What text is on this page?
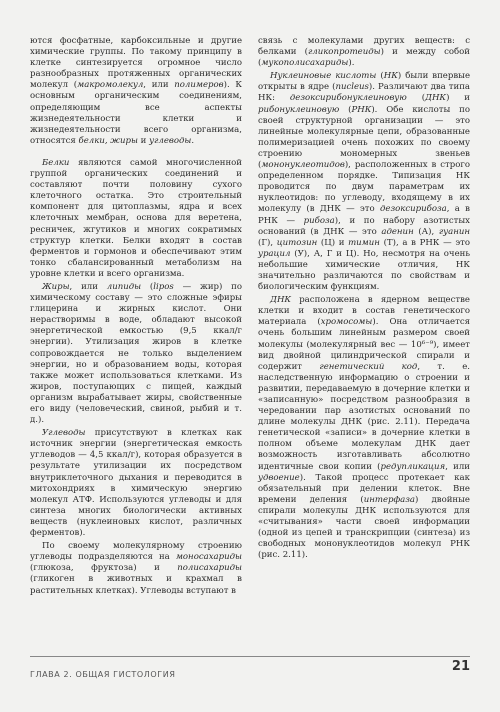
ются фосфатные, карбоксильные и другие химические группы. По такому принципу в клетке синтезируется огромное число разнообразных протяженных органических молекул (макромолекул, или полимеров). К основным органическим соединениям, определяющим все аспекты жизнедеятельности клетки и жизнедеятельности всего организма, относятся белки, жиры и углеводы.

Белки являются самой многочисленной группой органических соединений и составляют почти половину сухого клеточного остатка. Это строительный компонент для цитоплазмы, ядра и всех клеточных мембран, основа для веретена, ресничек, жгутиков и многих сократимых структур клетки. Белки входят в состав ферментов и гормонов и обеспечивают этим тонко сбалансированный метаболизм на уровне клетки и всего организма.

Жиры, или липиды (lipos — жир) по химическому составу — это сложные эфиры глицерина и жирных кислот. Они нерастворимы в воде, обладают высокой энергетической емкостью (9,5 ккал/г энергии). Утилизация жиров в клетке сопровождается не только выделением энергии, но и образованием воды, которая также может использоваться клетками. Из жиров, поступающих с пищей, каждый организм вырабатывает жиры, свойственные его виду (человеческий, свиной, рыбий и т. д.).

Углеводы присутствуют в клетках как источник энергии (энергетическая емкость углеводов — 4,5 ккал/г), которая образуется в результате утилизации их посредством внутриклеточного дыхания и переводится в митохондриях в химическую энергию молекул АТФ. Используются углеводы и для синтеза многих биологически активных веществ (нуклеиновых кислот, различных ферментов).

По своему молекулярному строению углеводы подразделяются на моносахариды (глюкоза, фруктоза) и полисахариды (гликоген в животных и крахмал в растительных клетках). Углеводы вступают в

связь с молекулами других веществ: с белками (гликопротеиды) и между собой (мукополисахариды).

Нуклеиновые кислоты (НК) были впервые открыты в ядре (nucleus). Различают два типа НК: дезоксирибонуклеиновую (ДНК) и рибонуклеиновую (РНК). Обе кислоты по своей структурной организации — это линейные молекулярные цепи, образованные полимеризацией очень похожих по своему строению мономерных звеньев (мононуклеотидов), расположенных в строго определенном порядке. Типизация НК проводится по двум параметрам их нуклеотидов: по углеводу, входящему в их молекулу (в ДНК — это дезоксирибоза, а в РНК — рибоза), и по набору азотистых оснований (в ДНК — это аденин (А), гуанин (Г), цитозин (Ц) и тимин (Т), а в РНК — это урацил (У), А, Г и Ц). Но, несмотря на очень небольшие химические отличия, НК значительно различаются по свойствам и биологическим функциям.

ДНК расположена в ядерном веществе клетки и входит в состав генетического материала (хромосомы). Она отличается очень большим линейным размером своей молекулы (молекулярный вес — 10⁶⁻⁹), имеет вид двойной цилиндрической спирали и содержит генетический код, т. е. наследственную информацию о строении и развитии, передаваемую в дочерние клетки и «записанную» посредством разнообразия в чередовании пар азотистых оснований по длине молекулы ДНК (рис. 2.11). Передача генетической «записи» в дочерние клетки в полном объеме молекулам ДНК дает возможность изготавливать абсолютно идентичные свои копии (редупликация, или удвоение). Такой процесс протекает как обязательный при делении клеток. Вне времени деления (интерфаза) двойные спирали молекулы ДНК используются для «считывания» части своей информации (одной из цепей и транскрипции (синтеза) из свободных мононуклеотидов молекул РНК (рис. 2.11).

ГЛАВА 2. ОБЩАЯ ГИСТОЛОГИЯ
21
